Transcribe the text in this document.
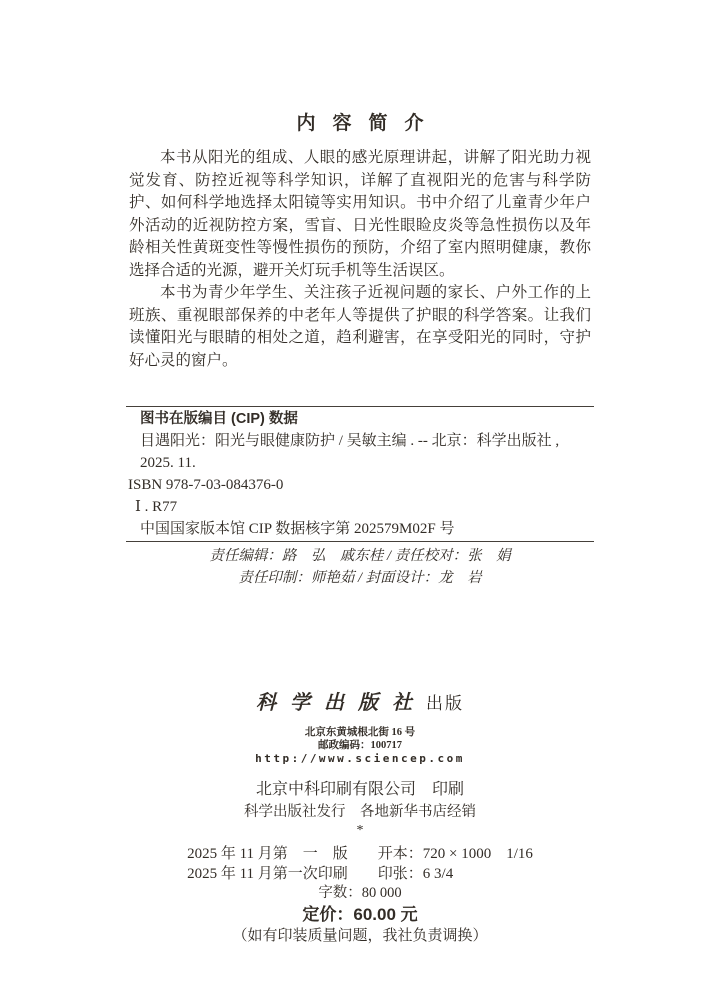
内容简介

本书从阳光的组成、人眼的感光原理讲起，讲解了阳光助力视觉发育、防控近视等科学知识，详解了直视阳光的危害与科学防护、如何科学地选择太阳镜等实用知识。书中介绍了儿童青少年户外活动的近视防控方案，雪盲、日光性眼睑皮炎等急性损伤以及年龄相关性黄斑变性等慢性损伤的预防，介绍了室内照明健康，教你选择合适的光源，避开关灯玩手机等生活误区。

本书为青少年学生、关注孩子近视问题的家长、户外工作的上班族、重视眼部保养的中老年人等提供了护眼的科学答案。让我们读懂阳光与眼睛的相处之道，趋利避害，在享受阳光的同时，守护好心灵的窗户。

图书在版编目 (CIP) 数据
目遇阳光：阳光与眼健康防护 / 吴敏主编 . -- 北京：科学出版社 , 2025. 11.
ISBN 978-7-03-084376-0
Ⅰ . R77
中国国家版本馆 CIP 数据核字第 202579M02F 号
责任编辑：路　弘　戚东桂 / 责任校对：张　娟
责任印制：师艳茹 / 封面设计：龙　岩
科学出版社 出版
北京东黄城根北街 16 号
邮政编码：100717
http://www.sciencep.com
北京中科印刷有限公司　印刷
科学出版社发行　各地新华书店经销
*
2025 年 11 月第　一　版　　开本：720 × 1000　1/16
2025 年 11 月第一次印刷　　印张：6 3/4
字数：80 000
定价：60.00 元
（如有印装质量问题，我社负责调换）
